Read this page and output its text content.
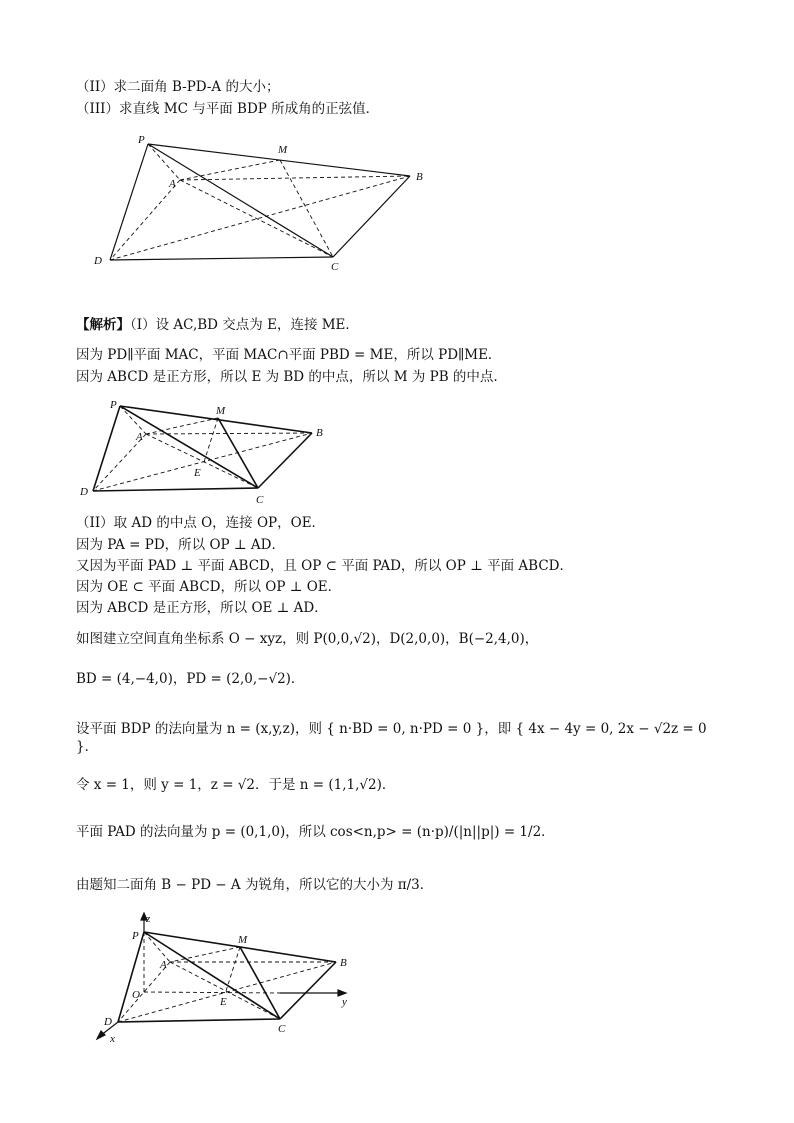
（II）求二面角 B-PD-A 的大小；
（III）求直线 MC 与平面 BDP 所成角的正弦值．
P
M
A
B
D	C
【解析】（I）设 AC,BD 交点为 E，连接 ME．
因为 PD∥平面 MAC，平面 MAC∩平面 PBD = ME，所以 PD∥ME．
因为 ABCD 是正方形，所以 E 为 BD 的中点，所以 M 为 PB 的中点.
P	M
A	B
E
D
C
（II）取 AD 的中点 O，连接 OP，OE．
因为 PA = PD，所以 OP ⊥ AD．
又因为平面 PAD ⊥ 平面 ABCD，且 OP ⊂ 平面 PAD，所以 OP ⊥ 平面 ABCD．
因为 OE ⊂ 平面 ABCD，所以 OP ⊥ OE．
因为 ABCD 是正方形，所以 OE ⊥ AD．
如图建立空间直角坐标系 O − xyz，则 P(0,0,√2)，D(2,0,0)，B(−2,4,0)，
BD = (4,−4,0)，PD = (2,0,−√2)．
设平面 BDP 的法向量为 n = (x,y,z)，则 { n·BD = 0, n·PD = 0 }，即 { 4x − 4y = 0, 2x − √2z = 0 }．
令 x = 1，则 y = 1，z = √2．于是 n = (1,1,√2)．
平面 PAD 的法向量为 p = (0,1,0)，所以 cos<n,p> = (n·p)/(|n||p|) = 1/2．
由题知二面角 B − PD − A 为锐角，所以它的大小为 π/3．
z
P	M
A	B
O
E	y
D
C
x
